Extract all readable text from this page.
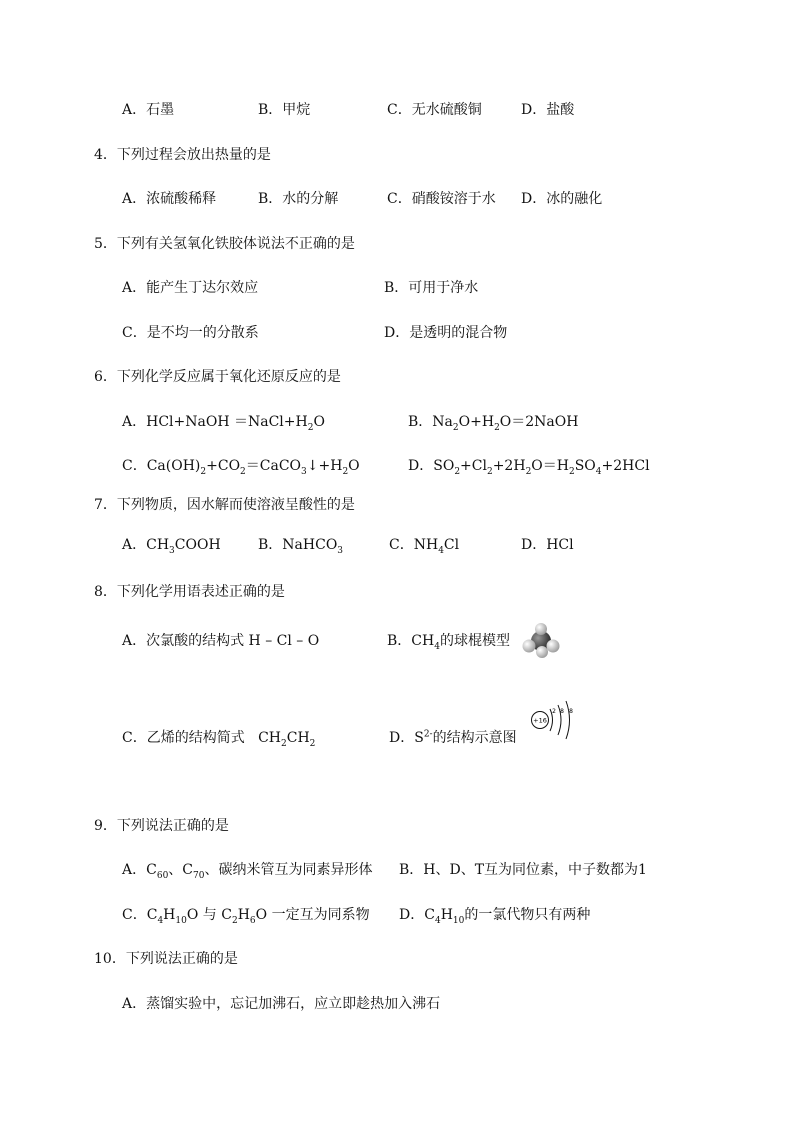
A．石墨	B．甲烷	C．无水硫酸铜	D．盐酸
4．下列过程会放出热量的是
A．浓硫酸稀释	B．水的分解	C．硝酸铵溶于水 D．冰的融化
5．下列有关氢氧化铁胶体说法不正确的是
A．能产生丁达尔效应	B．可用于净水
C．是不均一的分散系	D．是透明的混合物
6．下列化学反应属于氧化还原反应的是
A．HCl+NaOH $=NaCl+H_2O$	B．$Na_2O+H_2O=2NaOH$
C．$Ca(OH)_2+CO_2=CaCO_3↓+H_2O$	D．$SO_2+Cl_2+2H_2O=H_2SO_4+2HCl$
7．下列物质，因水解而使溶液呈酸性的是
A．$CH_3COOH$	B．NaHCO$_3$	C．$NH_4Cl$	D．HCl
8．下列化学用语表述正确的是
A．次氯酸的结构式 H – Cl – O	B．$CH_4$的球棍模型
C．乙烯的结构简式   $CH_2CH_2$	D．$S^{2-}$的结构示意图
+16
2 8 8
9．下列说法正确的是
A．$C_{60}$、$C_{70}$、碳纳米管互为同素异形体 B．H、D、T互为同位素，中子数都为1
C．$C_4H_{10}O$ 与 $C_2H_6O$ 一定互为同系物 D．$C_4H_{10}$的一氯代物只有两种
10．下列说法正确的是
A．蒸馏实验中，忘记加沸石，应立即趁热加入沸石
